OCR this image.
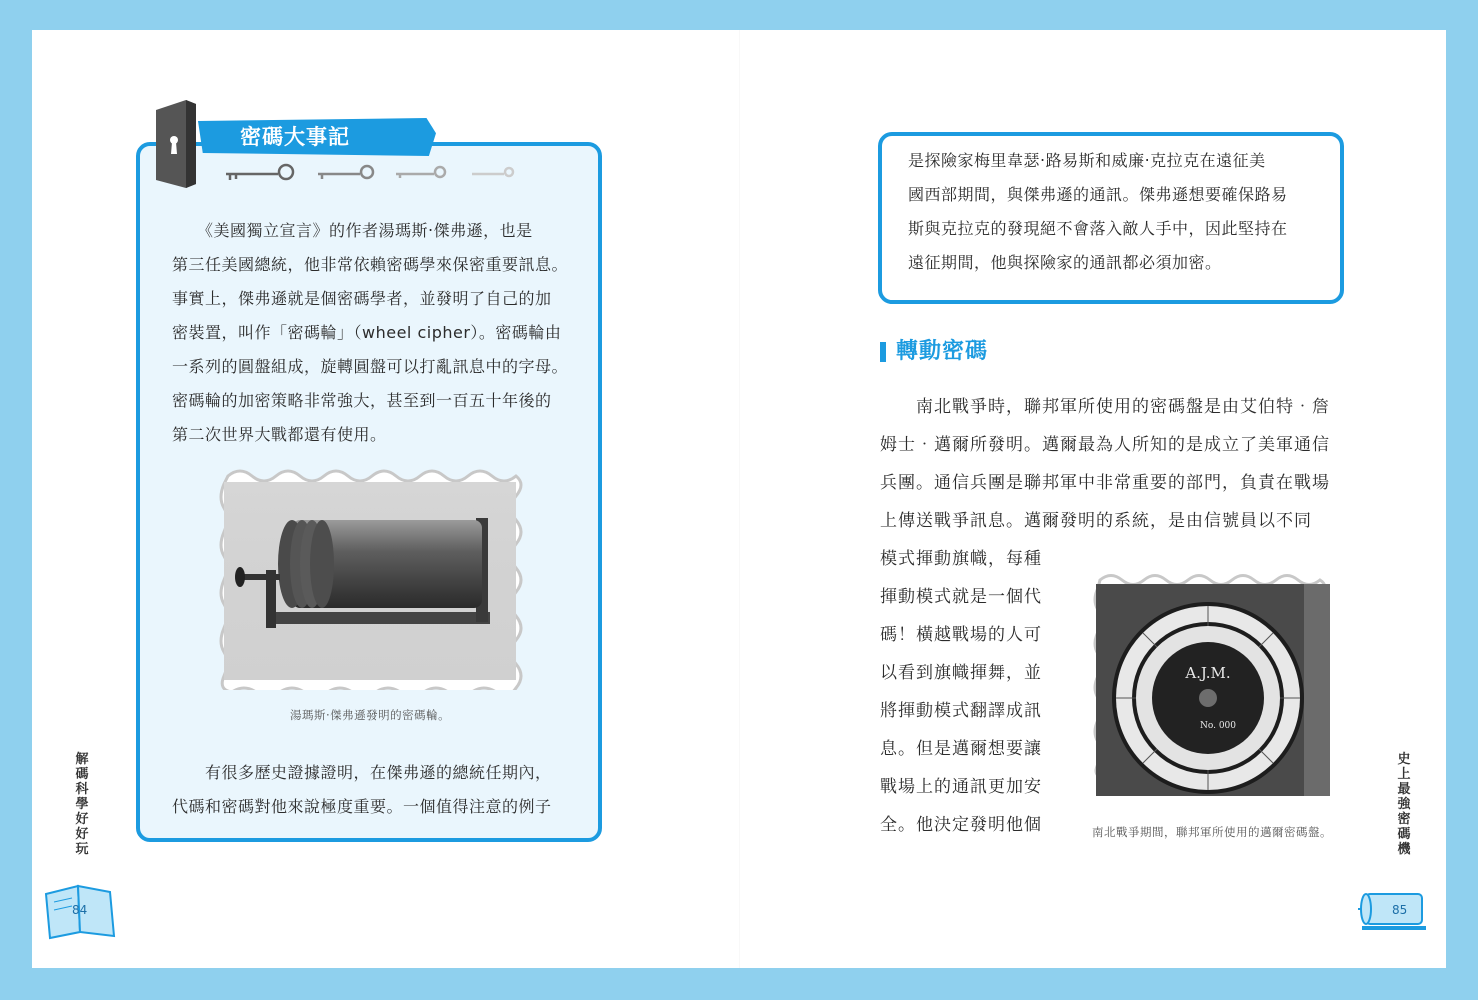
密碼大事記

　　《美國獨立宣言》的作者湯瑪斯‧傑弗遜，也是
第三任美國總統，他非常依賴密碼學來保密重要訊息。
事實上，傑弗遜就是個密碼學者，並發明了自己的加
密裝置，叫作「密碼輪」（wheel cipher）。密碼輪由
一系列的圓盤組成，旋轉圓盤可以打亂訊息中的字母。
密碼輪的加密策略非常強大，甚至到一百五十年後的
第二次世界大戰都還有使用。

湯瑪斯‧傑弗遜發明的密碼輪。

　　有很多歷史證據證明，在傑弗遜的總統任期內，
代碼和密碼對他來說極度重要。一個值得注意的例子

解
碼
科
學
好
好
玩
84

是探險家梅里韋瑟‧路易斯和威廉‧克拉克在遠征美
國西部期間，與傑弗遜的通訊。傑弗遜想要確保路易
斯與克拉克的發現絕不會落入敵人手中，因此堅持在
遠征期間，他與探險家的通訊都必須加密。

轉動密碼

　　南北戰爭時，聯邦軍所使用的密碼盤是由艾伯特‧詹
姆士‧邁爾所發明。邁爾最為人所知的是成立了美軍通信
兵團。通信兵團是聯邦軍中非常重要的部門，負責在戰場
上傳送戰爭訊息。邁爾發明的系統，是由信號員以不同

模式揮動旗幟，每種
揮動模式就是一個代
碼！橫越戰場的人可
以看到旗幟揮舞，並
將揮動模式翻譯成訊
息。但是邁爾想要讓
戰場上的通訊更加安
全。他決定發明他個

A.J.M.
No. 000
南北戰爭期間，聯邦軍所使用的邁爾密碼盤。
史
上
最
強
密
碼
機
85
